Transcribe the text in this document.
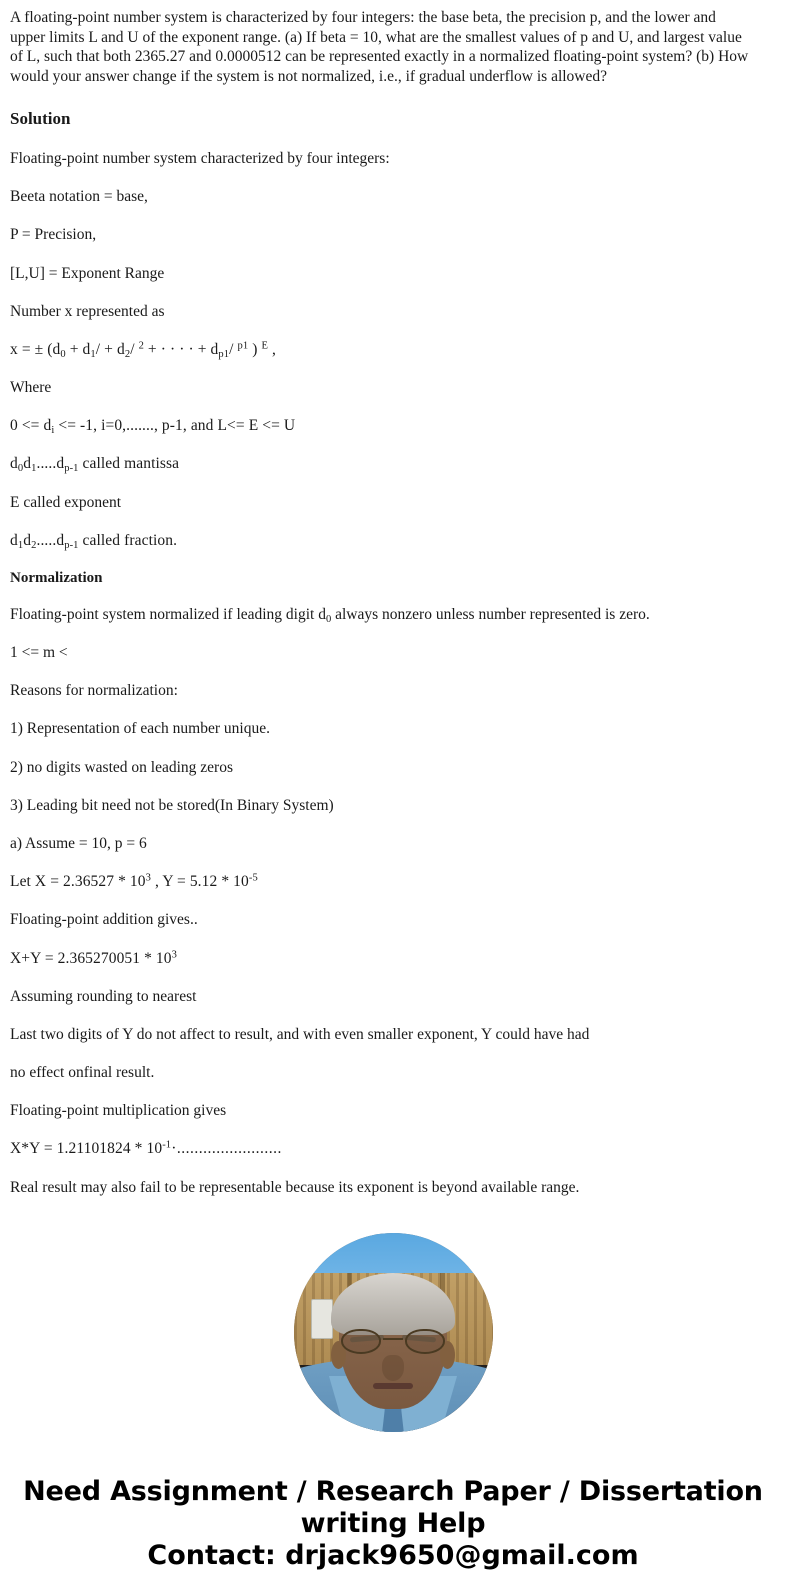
A floating-point number system is characterized by four integers: the base beta, the precision p, and the lower and upper limits L and U of the exponent range. (a) If beta = 10, what are the smallest values of p and U, and largest value of L, such that both 2365.27 and 0.0000512 can be represented exactly in a normalized floating-point system? (b) How would your answer change if the system is not normalized, i.e., if gradual underflow is allowed?

Solution

Floating-point number system characterized by four integers:

Beeta notation = base,

P = Precision,

[L,U] = Exponent Range

Number x represented as

x = ± ($d_0 + d_1/ + d_2/$ $^2$ + · · · · + $d_{p1}/$ $^{p1}$ ) $^E$ ,

Where

$0 <= d_i <= -1$, i=0,......., p-1, and L<= E <= U

$d_0d_1.....d_{p-1}$ called mantissa

E called exponent

$d_1d_2.....d_{p-1}$ called fraction.

Normalization

Floating-point system normalized if leading digit $d_0$ always nonzero unless number represented is zero.

1 <= m <

Reasons for normalization:

1) Representation of each number unique.

2) no digits wasted on leading zeros

3) Leading bit need not be stored(In Binary System)

a) Assume = 10, p = 6

Let $X = 2.36527 * 10^3$ , $Y = 5.12 * 10^{-5}$

Floating-point addition gives..

$X+Y = 2.365270051 * 10^3$

Assuming rounding to nearest

Last two digits of Y do not affect to result, and with even smaller exponent, Y could have had

no effect onfinal result.

Floating-point multiplication gives

$X*Y = 1.21101824 * 10^{-1}\cdot$........................

Real result may also fail to be representable because its exponent is beyond available range.

Need Assignment / Research Paper / Dissertation writing Help
Contact: drjack9650@gmail.com
